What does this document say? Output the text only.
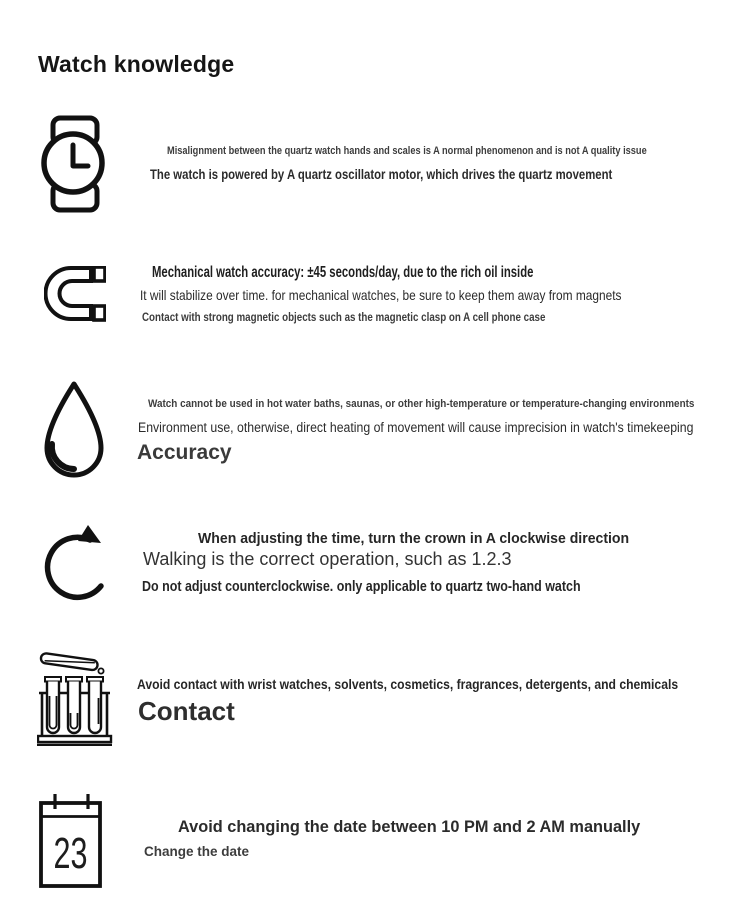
Watch knowledge
Misalignment between the quartz watch hands and scales is A normal phenomenon and is not A quality issue
The watch is powered by A quartz oscillator motor, which drives the quartz movement
Mechanical watch accuracy: ±45 seconds/day, due to the rich oil inside
It will stabilize over time. for mechanical watches, be sure to keep them away from magnets
Contact with strong magnetic objects such as the magnetic clasp on A cell phone case
Watch cannot be used in hot water baths, saunas, or other high-temperature or temperature-changing environments
Environment use, otherwise, direct heating of movement will cause imprecision in watch's timekeeping
Accuracy
When adjusting the time, turn the crown in A clockwise direction
Walking is the correct operation, such as 1.2.3
Do not adjust counterclockwise. only applicable to quartz two-hand watch
Avoid contact with wrist watches, solvents, cosmetics, fragrances, detergents, and chemicals
Contact
23
Avoid changing the date between 10 PM and 2 AM manually
Change the date
